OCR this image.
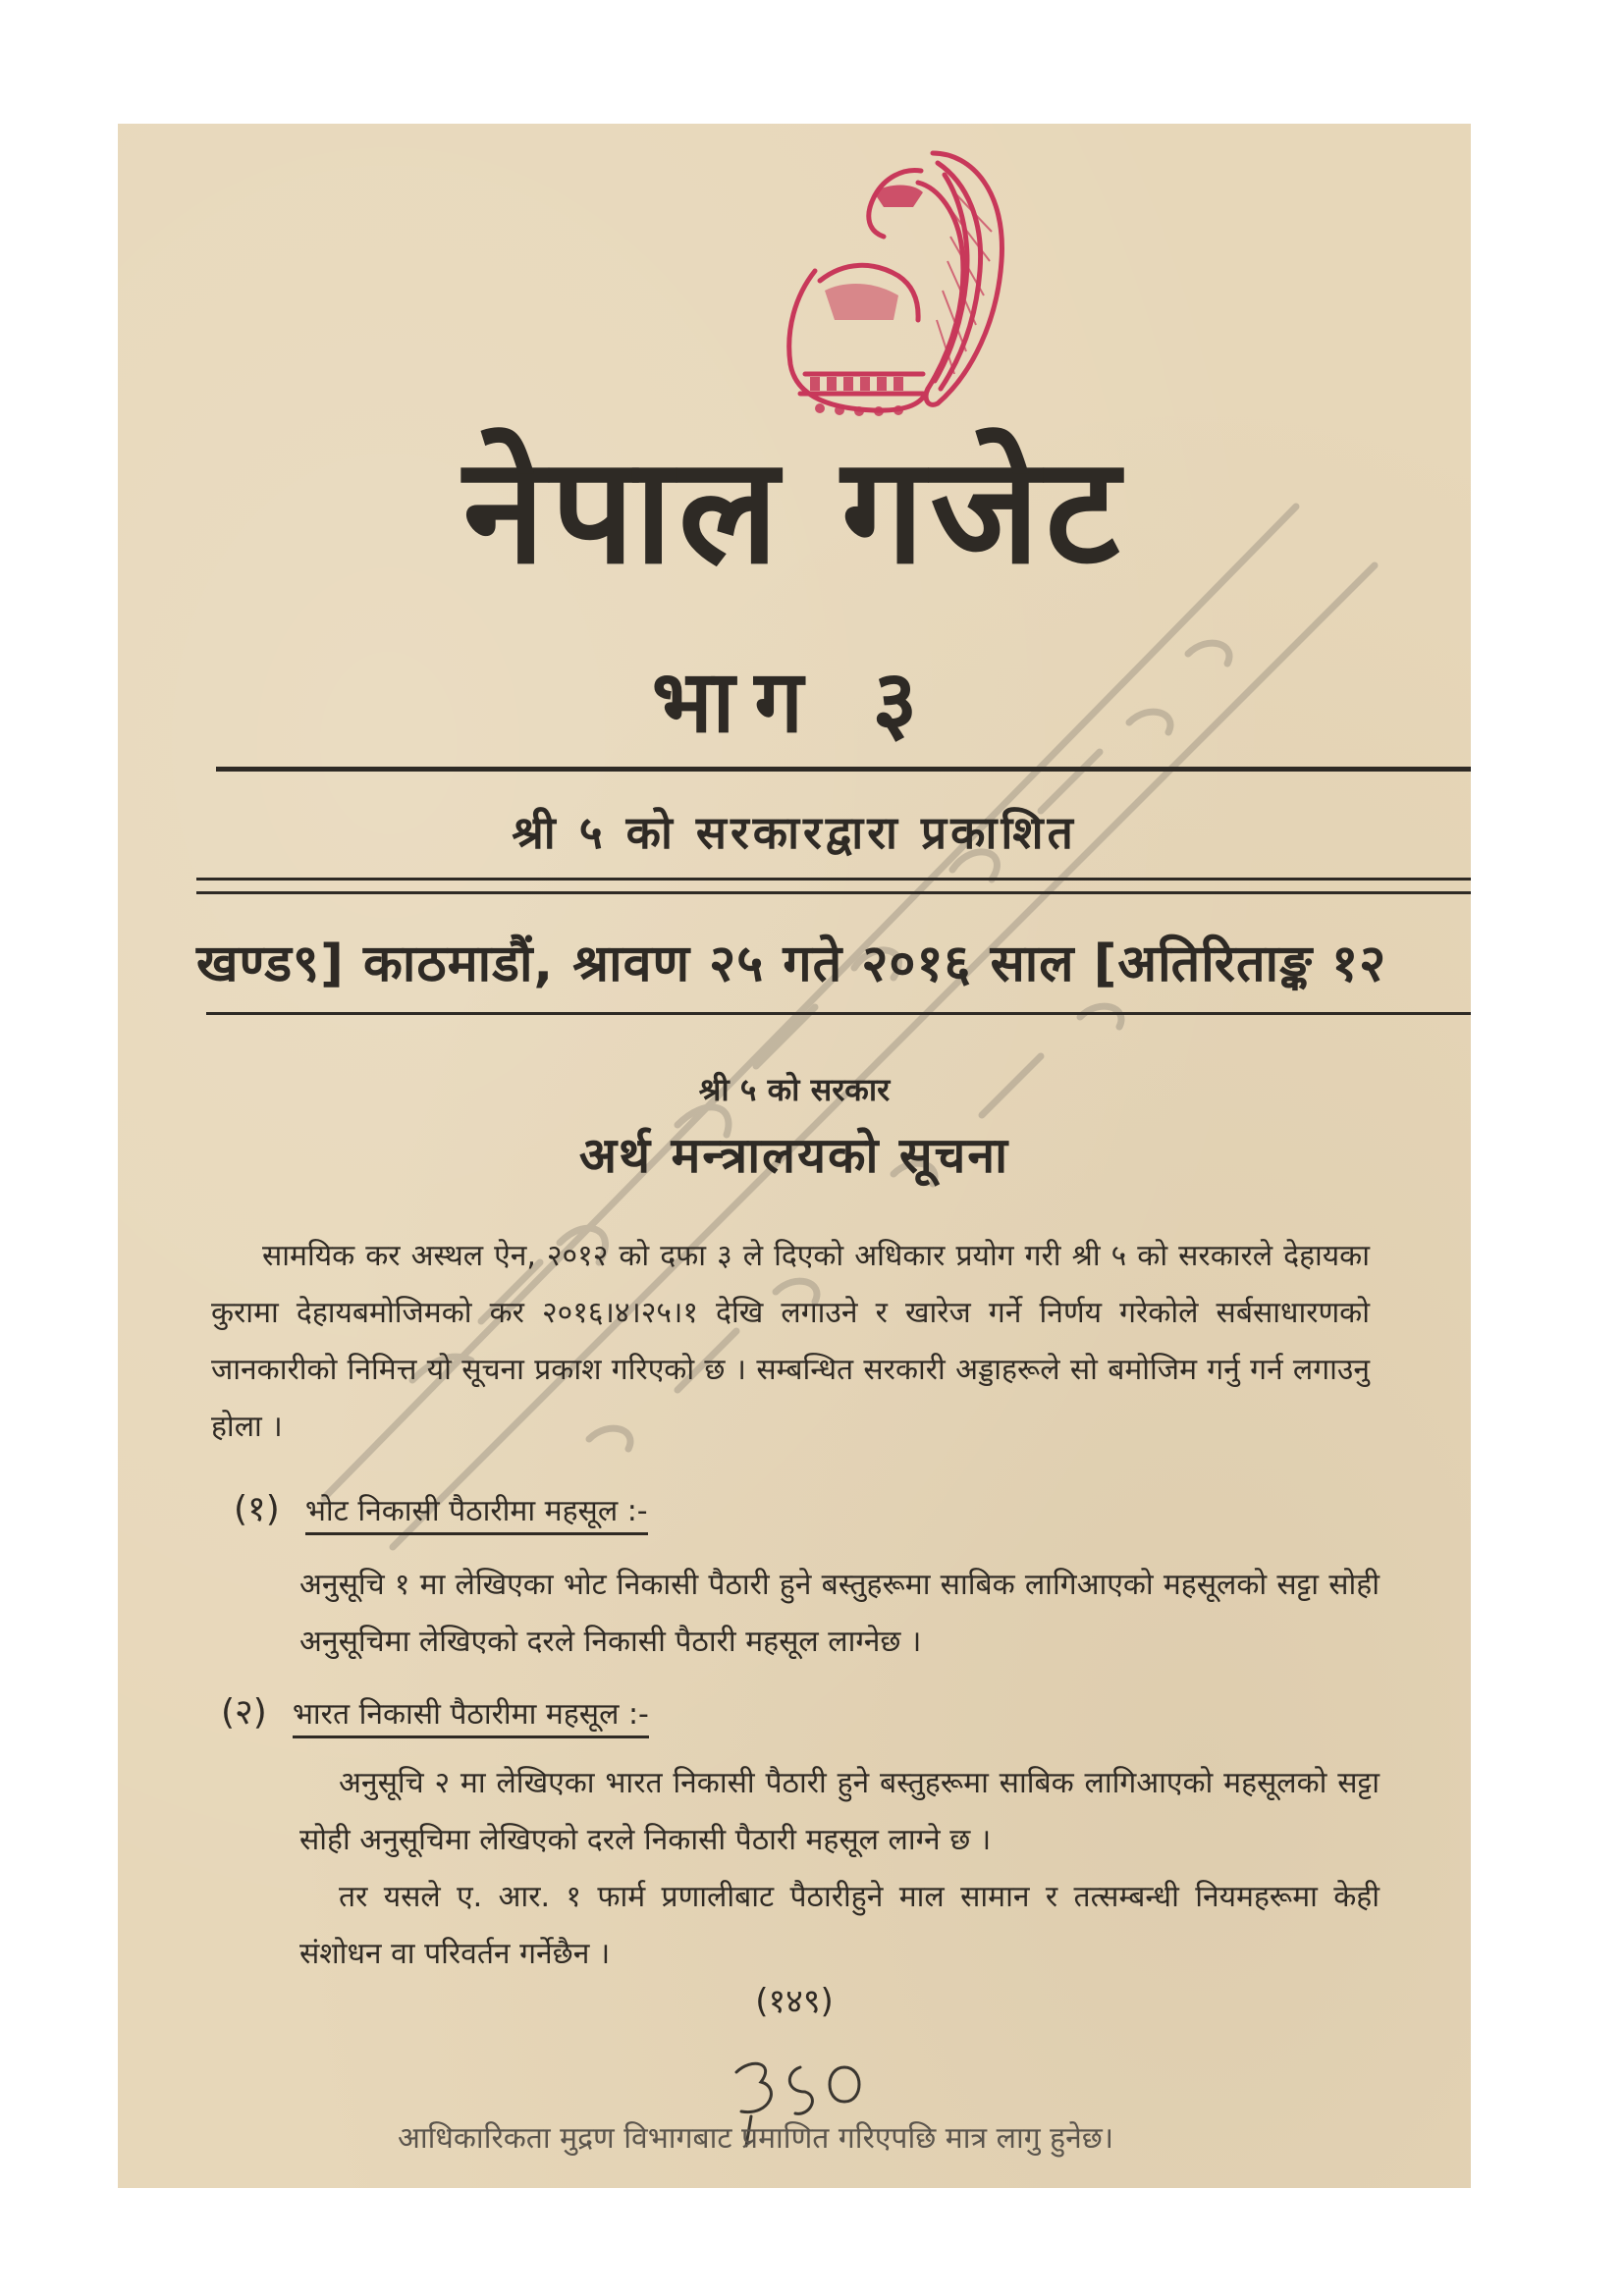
नेपाल गजेट
भाग ३
श्री ५ को सरकारद्वारा प्रकाशित
खण्ड९] काठमाडौं, श्रावण २५ गते २०१६ साल [अतिरिताङ्क १२
श्री ५ को सरकार
अर्थ मन्त्रालयको सूचना
सामयिक कर अस्थल ऐन, २०१२ को दफा ३ ले दिएको अधिकार प्रयोग गरी श्री ५ को सरकारले देहायका कुरामा देहायबमोजिमको कर २०१६।४।२५।१ देखि लगाउने र खारेज गर्ने निर्णय गरेकोले सर्बसाधारणको जानकारीको निमित्त यो सूचना प्रकाश गरिएको छ । सम्बन्धित सरकारी अड्डाहरूले सो बमोजिम गर्नु गर्न लगाउनु होला ।
(१) भोट निकासी पैठारीमा महसूल :-
अनुसूचि १ मा लेखिएका भोट निकासी पैठारी हुने बस्तुहरूमा साबिक लागिआएको महसूलको सट्टा सोही अनुसूचिमा लेखिएको दरले निकासी पैठारी महसूल लाग्नेछ ।
(२) भारत निकासी पैठारीमा महसूल :-
अनुसूचि २ मा लेखिएका भारत निकासी पैठारी हुने बस्तुहरूमा साबिक लागिआएको महसूलको सट्टा सोही अनुसूचिमा लेखिएको दरले निकासी पैठारी महसूल लाग्ने छ ।
तर यसले ए. आर. १ फार्म प्रणालीबाट पैठारीहुने माल सामान र तत्सम्बन्धी नियमहरूमा केही संशोधन वा परिवर्तन गर्नेछैन ।
(१४९)
आधिकारिकता मुद्रण विभागबाट प्रमाणित गरिएपछि मात्र लागु हुनेछ।
